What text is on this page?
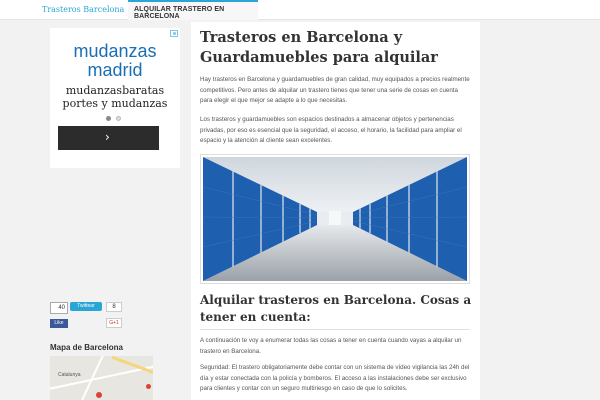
Trasteros Barcelona ALQUILAR TRASTERO EN BARCELONA
mudanzas madrid
mudanzasbaratas portes y mudanzas
›
40	Twittear	8
Like	G+1
Mapa de Barcelona
Catalunya
Trasteros en Barcelona y Guardamuebles para alquilar

Hay trasteros en Barcelona y guardamuebles de gran calidad, muy equipados a precios realmente competitivos. Pero antes de alquilar un trastero tienes que tener una serie de cosas en cuenta para elegir el que mejor se adapte a lo que necesitas.

Los trasteros y guardamuebles son espacios destinados a almacenar objetos y pertenencias privadas, por eso es esencial que la seguridad, el acceso, el horario, la facilidad para ampliar el espacio y la atención al cliente sean excelentes.

Alquilar trasteros en Barcelona. Cosas a tener en cuenta:

A continuación te voy a enumerar todas las cosas a tener en cuenta cuando vayas a alquilar un trastero en Barcelona.

Seguridad: El trastero obligatoriamente debe contar con un sistema de vídeo vigilancia las 24h del día y estar conectada con la policía y bomberos. El acceso a las instalaciones debe ser exclusivo para clientes y contar con un seguro multiriesgo en caso de que lo solicites.
